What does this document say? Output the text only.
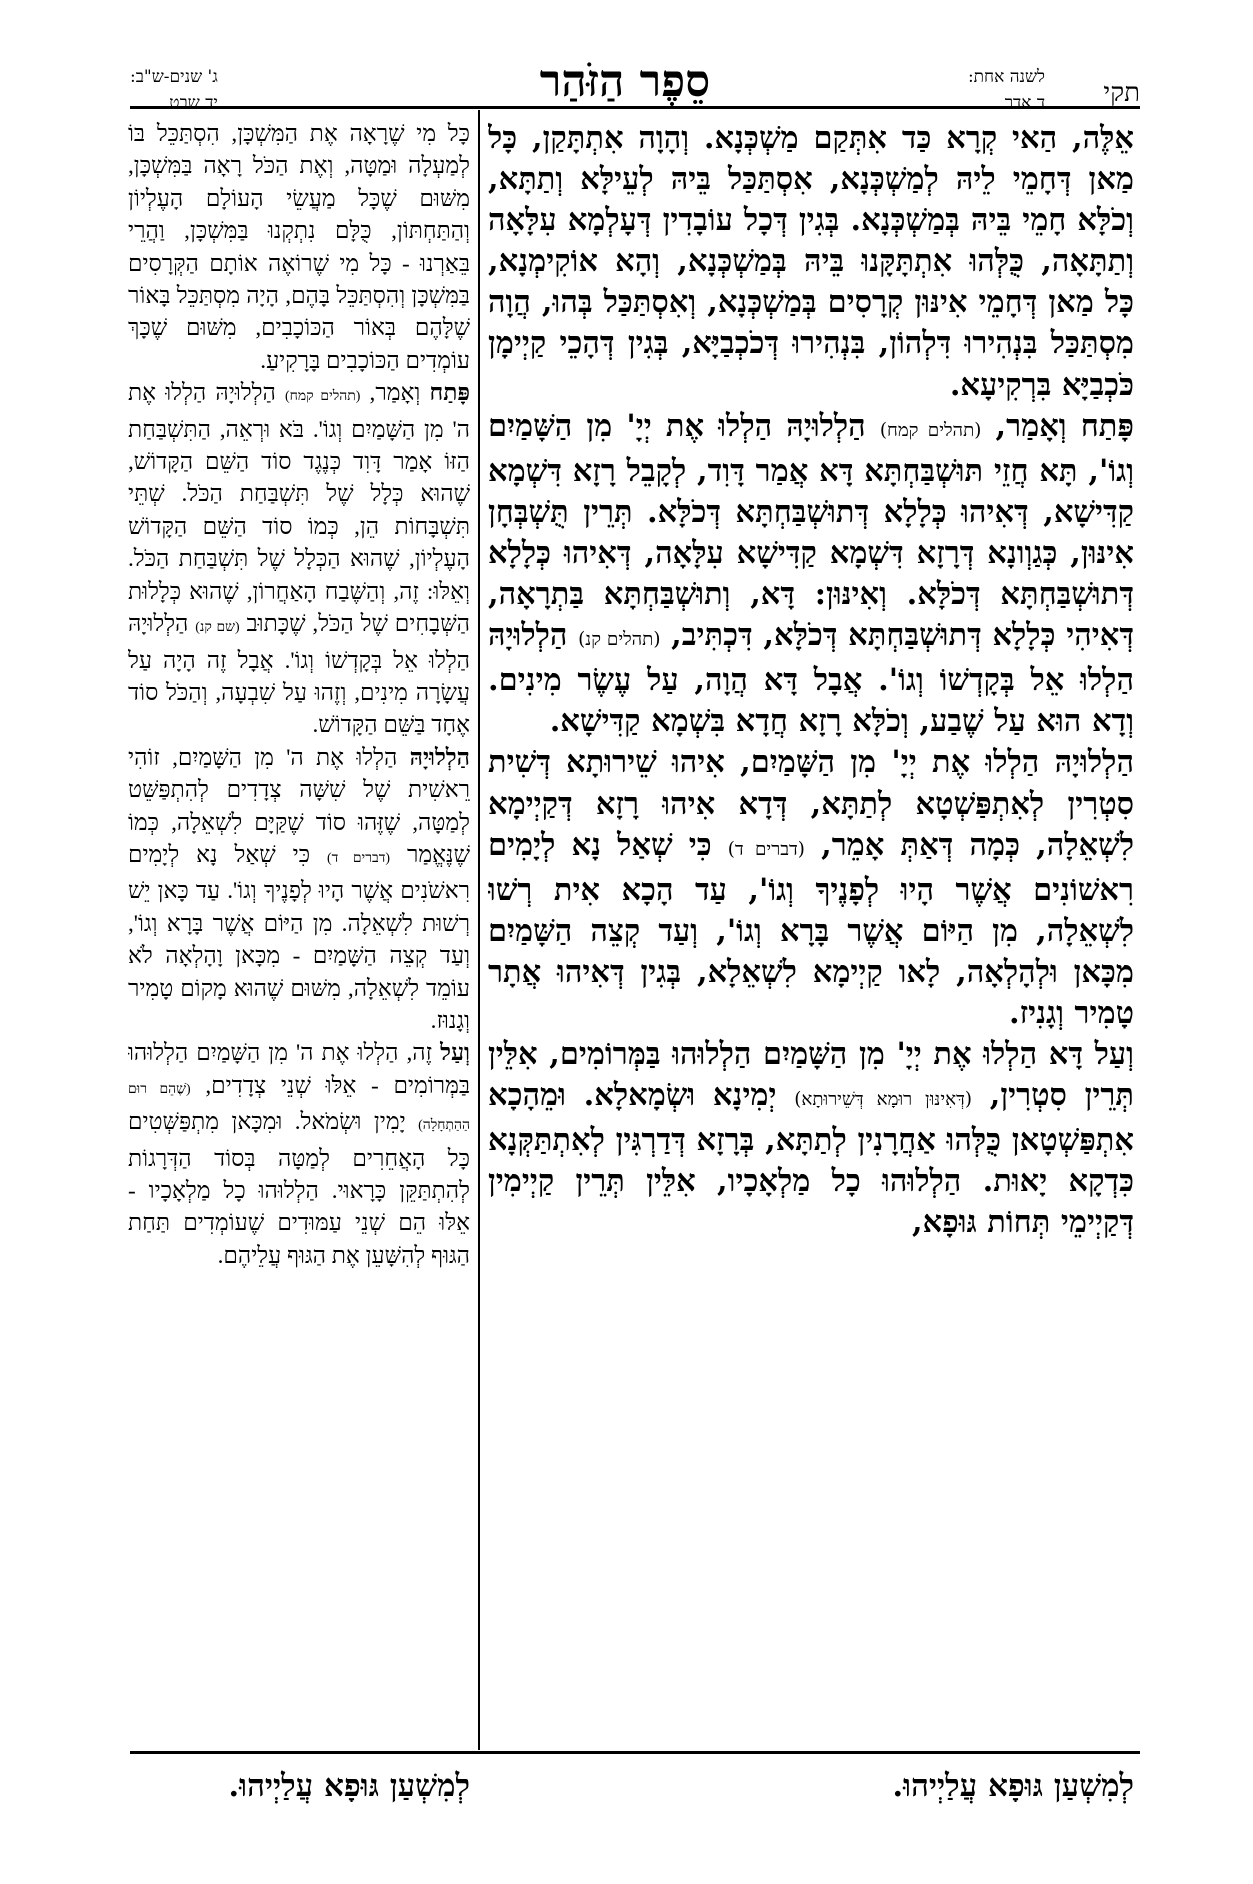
תקי
לשנה אחת:
ד אדר
סֵפֶר הַזֹּהַר
ג' שנים-ש"ב:
יד שבט

אֵלֶּה, הַאי קְרָא כַּד אִתְּקַם מַשְׁכְּנָא. וְהָוָה אִתְתָּקַן, כָּל מַאן דְּחָמֵי לֵיהּ לְמַשְׁכְּנָא, אִסְתַּכַּל בֵּיהּ לְעֵילָּא וְתַתָּא, וְכֹלָּא חָמֵי בֵּיהּ בְּמַשְׁכְּנָא. בְּגִין דְּכָל עוֹבָדִין דְּעָלְמָא עִלָּאָה וְתַתָּאָה, כֻּלְּהוּ אִתְתָּקָּנוּ בֵּיהּ בְּמַשְׁכְּנָא, וְהָא אוֹקִימְנָא, כָּל מַאן דְּחָמֵי אִינּוּן קְרָסִים בְּמַשְׁכְּנָא, וְאִסְתַּכַּל בְּהוּ, הֲוָה מִסְתַּכַּל בִּנְהִירוּ דִּלְהוֹן, בִּנְהִירוּ דְּכֹכְבַיָּא, בְּגִין דְּהָכֵי קַיְימָן כֹּכְבַיָּא בִּרְקִיעָא.

פָּתַח וְאָמַר, (תהלים קמח) הַלְלוּיָהּ הַלְלוּ אֶת יְיָ' מִן הַשָּׁמַיִם וְגוֹ', תָּא חֲזֵי תּוּשְׁבַּחְתָּא דָּא אֲמַר דָּוִד, לְקָבֵל רָזָא דִּשְׁמָא קַדִּישָׁא, דְּאִיהוּ כְּלָלָא דְּתוּשְׁבַּחְתָּא דְּכֹלָּא. תְּרֵין תֻּשְׁבְּחָן אִינּוּן, כְּגַוְונָא דְּרָזָא דִּשְׁמָא קַדִּישָׁא עִלָּאָה, דְּאִיהוּ כְּלָלָא דְּתוּשְׁבַּחְתָּא דְּכֹלָּא. וְאִינּוּן: דָּא, וְתוּשְׁבַּחְתָּא בַּתְרָאָה, דְּאִיהִי כְּלָלָא דְּתוּשְׁבַּחְתָּא דְּכֹלָּא, דִּכְתִּיב, (תהלים קנ) הַלְלוּיָהּ הַלְלוּ אֵל בְּקָדְשׁוֹ וְגוֹ'. אֲבָל דָּא הֲוָה, עַל עֶשֶׂר מִינִים. וְדָא הוּא עַל שֶׁבַע, וְכֹלָּא רָזָא חֲדָא בִּשְׁמָא קַדִּישָׁא.

הַלְלוּיָהּ הַלְלוּ אֶת יְיָ' מִן הַשָּׁמַיִם, אִיהוּ שֵׁירוּתָא דְּשִׁית סִטְרִין לְאִתְפַּשְׁטָא לְתַתָּא, דְּדָא אִיהוּ רָזָא דְּקַיְימָא לִשְׁאֵלָה, כְּמָה דְּאַתְּ אָמֵר, (דברים ד) כִּי שְׁאַל נָא לְיָמִים רִאשׁוֹנִים אֲשֶׁר הָיוּ לְפָנֶיךָ וְגוֹ', עַד הָכָא אִית רְשׁוּ לִשְׁאֵלָה, מִן הַיּוֹם אֲשֶׁר בָּרָא וְגוֹ', וְעַד קְצֵה הַשָּׁמַיִם מִכָּאן וּלְהָלְאָה, לָאו קַיְימָא לִשְׁאֵלָא, בְּגִין דְּאִיהוּ אֲתָר טָמִיר וְגָנִיז.

וְעַל דָּא הַלְלוּ אֶת יְיָ' מִן הַשָּׁמַיִם הַלְלוּהוּ בַּמְּרוֹמִים, אִלֵּין תְּרֵין סִטְרִין, (דְּאִינּוּן רוּמָא דְּשֵׁירוּתָא) יְמִינָא וּשְׂמָאלָא. וּמֵהָכָא אִתְפַּשְׁטָאן כֻּלְּהוּ אַחֲרָנִין לְתַתָּא, בְּרָזָא דְּדַרְגִּין לְאִתְתַּקְּנָא כִּדְקָא יָאוּת. הַלְלוּהוּ כָל מַלְאָכָיו, אִלֵּין תְּרֵין קַיְימִין דְּקַיְימֵי תְּחוֹת גּוּפָא,

כָּל מִי שֶׁרָאָה אֶת הַמִּשְׁכָּן, הִסְתַּכֵּל בּוֹ לְמַעְלָה וּמַטָּה, וְאֶת הַכֹּל רָאָה בַּמִּשְׁכָּן, מִשּׁוּם שֶׁכָּל מַעֲשֵׂי הָעוֹלָם הָעֶלְיוֹן וְהַתַּחְתּוֹן, כֻּלָּם נִתְקְנוּ בַּמִּשְׁכָּן, וַהֲרֵי בֵּאַרְנוּ - כָּל מִי שֶׁרוֹאֶה אוֹתָם הַקְּרָסִים בַּמִּשְׁכָּן וְהִסְתַּכֵּל בָּהֶם, הָיָה מִסְתַּכֵּל בָּאוֹר שֶׁלָּהֶם בְּאוֹר הַכּוֹכָבִים, מִשּׁוּם שֶׁכָּךְ עוֹמְדִים הַכּוֹכָבִים בָּרָקִיעַ.

פָּתַח וְאָמַר, (תהלים קמח) הַלְלוּיָהּ הַלְלוּ אֶת ה' מִן הַשָּׁמַיִם וְגוֹ'. בֹּא וּרְאֵה, הַתִּשְׁבַּחַת הַזּוֹ אָמַר דָּוִד כְּנֶגֶד סוֹד הַשֵּׁם הַקָּדוֹשׁ, שֶׁהוּא כְּלָל שֶׁל תִּשְׁבַּחַת הַכֹּל. שְׁתֵּי תִּשְׁבָּחוֹת הֵן, כְּמוֹ סוֹד הַשֵּׁם הַקָּדוֹשׁ הָעֶלְיוֹן, שֶׁהוּא הַכְּלָל שֶׁל תִּשְׁבַּחַת הַכֹּל. וְאֵלּוּ: זֶה, וְהַשֶּׁבַח הָאַחֲרוֹן, שֶׁהוּא כְּלָלוּת הַשְּׁבָחִים שֶׁל הַכֹּל, שֶׁכָּתוּב (שם קנ) הַלְלוּיָהּ הַלְלוּ אֵל בְּקָדְשׁוֹ וְגוֹ'. אֲבָל זֶה הָיָה עַל עֲשָׂרָה מִינִים, וְזֶהוּ עַל שִׁבְעָה, וְהַכֹּל סוֹד אֶחָד בַּשֵּׁם הַקָּדוֹשׁ.

הַלְלוּיָהּ הַלְלוּ אֶת ה' מִן הַשָּׁמַיִם, זוֹהִי רֵאשִׁית שֶׁל שִׁשָּׁה צְדָדִים לְהִתְפַּשֵּׁט לְמַטָּה, שֶׁזֶּהוּ סוֹד שֶׁקַּיָּם לִשְׁאֵלָה, כְּמוֹ שֶׁנֶּאֱמַר (דברים ד) כִּי שְׁאַל נָא לְיָמִים רִאשֹׁנִים אֲשֶׁר הָיוּ לְפָנֶיךָ וְגוֹ'. עַד כָּאן יֵשׁ רְשׁוּת לִשְׁאֵלָה. מִן הַיּוֹם אֲשֶׁר בָּרָא וְגוֹ', וְעַד קְצֵה הַשָּׁמַיִם - מִכָּאן וָהָלְאָה לֹא עוֹמֵד לִשְׁאֵלָה, מִשּׁוּם שֶׁהוּא מָקוֹם טָמִיר וְגָנוּז.

וְעַל זֶה, הַלְלוּ אֶת ה' מִן הַשָּׁמַיִם הַלְלוּהוּ בַּמְּרוֹמִים - אֵלּוּ שְׁנֵי צְדָדִים, (שֶׁהֵם רוּם הַהַתְחָלָה) יָמִין וּשְׂמֹאל. וּמִכָּאן מִתְפַּשְּׁטִים כָּל הָאֲחֵרִים לְמַטָּה בְּסוֹד הַדְּרָגוֹת לְהִתְתַּקֵּן כָּרָאוּי. הַלְלוּהוּ כָל מַלְאָכָיו - אֵלּוּ הֵם שְׁנֵי עַמּוּדִים שֶׁעוֹמְדִים תַּחַת הַגּוּף לְהִשָּׁעֵן אֶת הַגּוּף עֲלֵיהֶם.

לְמִשְׁעַן גּוּפָא עֲלַיְיהוּ.
לְמִשְׁעַן גּוּפָא עֲלַיְיהוּ.
